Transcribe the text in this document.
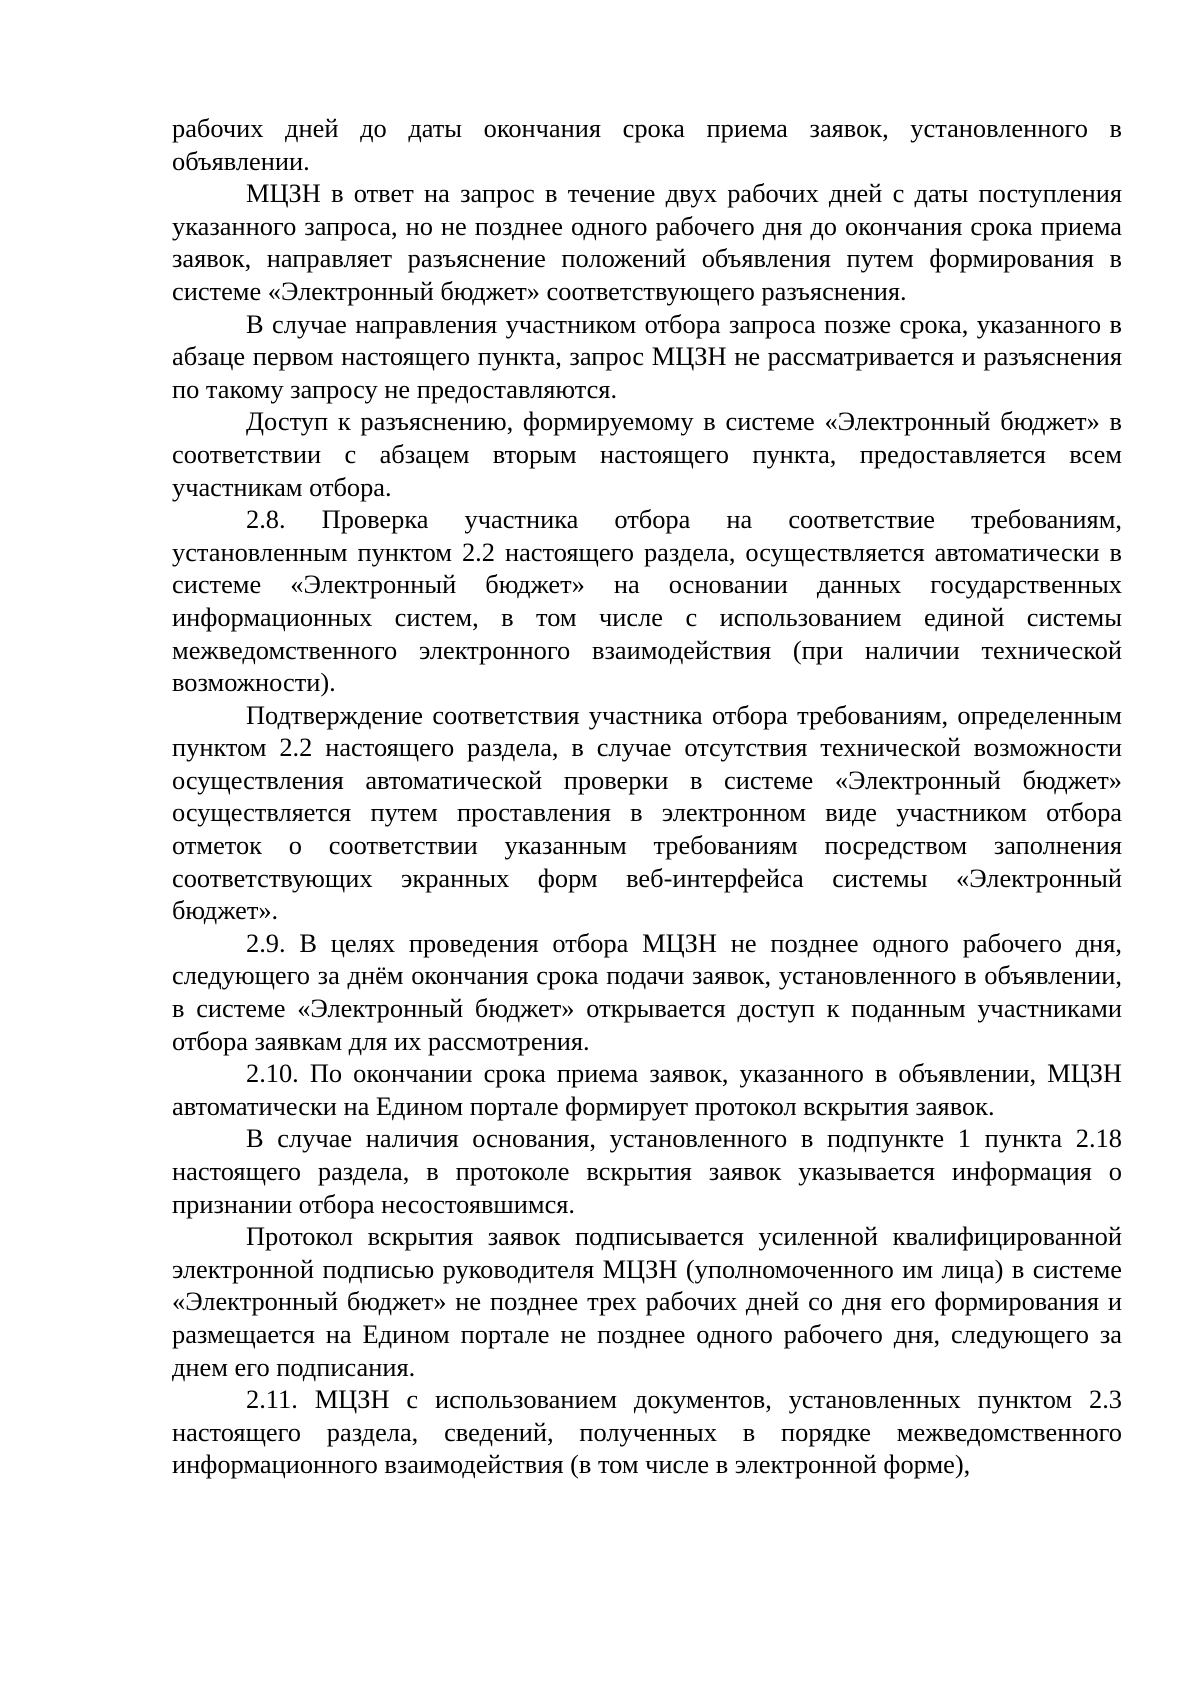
рабочих дней до даты окончания срока приема заявок, установленного в объявлении.

МЦЗН в ответ на запрос в течение двух рабочих дней с даты поступления указанного запроса, но не позднее одного рабочего дня до окончания срока приема заявок, направляет разъяснение положений объявления путем формирования в системе «Электронный бюджет» соответствующего разъяснения.

В случае направления участником отбора запроса позже срока, указанного в абзаце первом настоящего пункта, запрос МЦЗН не рассматривается и разъяснения по такому запросу не предоставляются.

Доступ к разъяснению, формируемому в системе «Электронный бюджет» в соответствии с абзацем вторым настоящего пункта, предоставляется всем участникам отбора.

2.8. Проверка участника отбора на соответствие требованиям, установленным пунктом 2.2 настоящего раздела, осуществляется автоматически в системе «Электронный бюджет» на основании данных государственных информационных систем, в том числе с использованием единой системы межведомственного электронного взаимодействия (при наличии технической возможности).

Подтверждение соответствия участника отбора требованиям, определенным пунктом 2.2 настоящего раздела, в случае отсутствия технической возможности осуществления автоматической проверки в системе «Электронный бюджет» осуществляется путем проставления в электронном виде участником отбора отметок о соответствии указанным требованиям посредством заполнения соответствующих экранных форм веб-интерфейса системы «Электронный бюджет».

2.9. В целях проведения отбора МЦЗН не позднее одного рабочего дня, следующего за днём окончания срока подачи заявок, установленного в объявлении, в системе «Электронный бюджет» открывается доступ к поданным участниками отбора заявкам для их рассмотрения.

2.10. По окончании срока приема заявок, указанного в объявлении, МЦЗН автоматически на Едином портале формирует протокол вскрытия заявок.

В случае наличия основания, установленного в подпункте 1 пункта 2.18 настоящего раздела, в протоколе вскрытия заявок указывается информация о признании отбора несостоявшимся.

Протокол вскрытия заявок подписывается усиленной квалифицированной электронной подписью руководителя МЦЗН (уполномоченного им лица) в системе «Электронный бюджет» не позднее трех рабочих дней со дня его формирования и размещается на Едином портале не позднее одного рабочего дня, следующего за днем его подписания.

2.11. МЦЗН с использованием документов, установленных пунктом 2.3 настоящего раздела, сведений, полученных в порядке межведомственного информационного взаимодействия (в том числе в электронной форме),
